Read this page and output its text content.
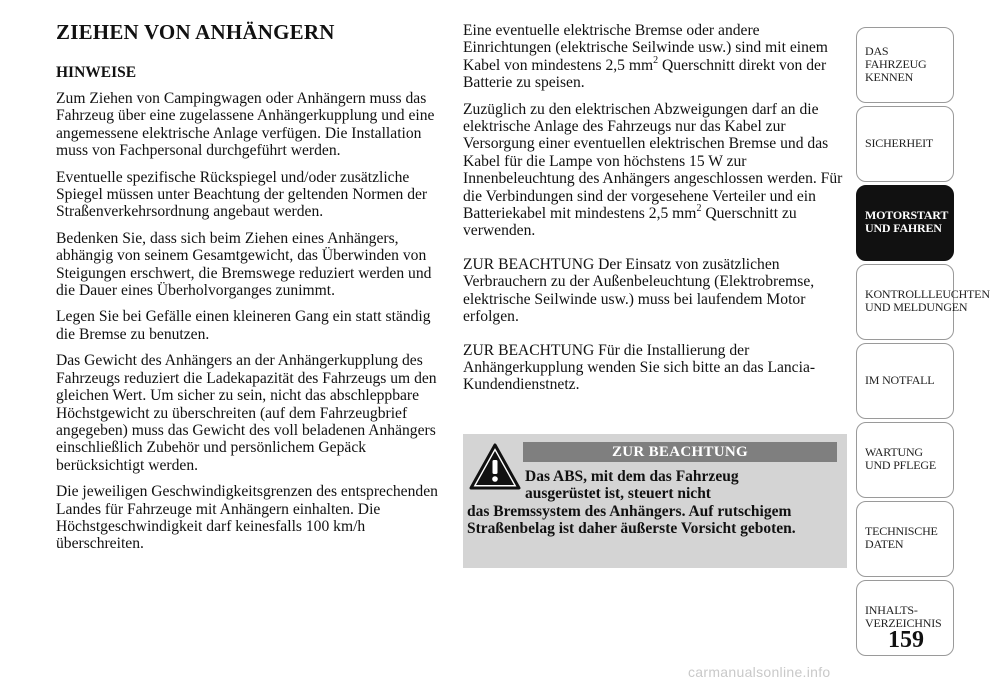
ZIEHEN VON ANHÄNGERN
HINWEISE

Zum Ziehen von Campingwagen oder Anhängern muss das Fahrzeug über eine zugelassene Anhängerkupplung und eine angemessene elektrische Anlage verfügen. Die Installation muss von Fachpersonal durchgeführt werden.

Eventuelle spezifische Rückspiegel und/oder zusätzliche Spiegel müssen unter Beachtung der geltenden Normen der Straßenverkehrsordnung angebaut werden.

Bedenken Sie, dass sich beim Ziehen eines Anhängers, abhängig von seinem Gesamtgewicht, das Überwinden von Steigungen erschwert, die Bremswege reduziert werden und die Dauer eines Überholvorganges zunimmt.

Legen Sie bei Gefälle einen kleineren Gang ein statt ständig die Bremse zu benutzen.

Das Gewicht des Anhängers an der Anhängerkupplung des Fahrzeugs reduziert die Ladekapazität des Fahrzeugs um den gleichen Wert. Um sicher zu sein, nicht das abschleppbare Höchstgewicht zu überschreiten (auf dem Fahrzeugbrief angegeben) muss das Gewicht des voll beladenen Anhängers einschließlich Zubehör und persönlichem Gepäck berücksichtigt werden.

Die jeweiligen Geschwindigkeitsgrenzen des entsprechenden Landes für Fahrzeuge mit Anhängern einhalten. Die Höchstgeschwindigkeit darf keinesfalls 100 km/h überschreiten.

Eine eventuelle elektrische Bremse oder andere Einrichtungen (elektrische Seilwinde usw.) sind mit einem Kabel von mindestens 2,5 $mm^2$ Querschnitt direkt von der Batterie zu speisen.

Zuzüglich zu den elektrischen Abzweigungen darf an die elektrische Anlage des Fahrzeugs nur das Kabel zur Versorgung einer eventuellen elektrischen Bremse und das Kabel für die Lampe von höchstens 15 W zur Innenbeleuchtung des Anhängers angeschlossen werden. Für die Verbindungen sind der vorgesehene Verteiler und ein Batteriekabel mit mindestens 2,5 $mm^2$ Querschnitt zu verwenden.

ZUR BEACHTUNG Der Einsatz von zusätzlichen Verbrauchern zu der Außenbeleuchtung (Elektrobremse, elektrische Seilwinde usw.) muss bei laufendem Motor erfolgen.

ZUR BEACHTUNG Für die Installierung der Anhängerkupplung wenden Sie sich bitte an das Lancia-Kundendienstnetz.

ZUR BEACHTUNG
Das ABS, mit dem das Fahrzeug
ausgerüstet ist, steuert nicht
das Bremssystem des Anhängers. Auf rutschigem Straßenbelag ist daher äußerste Vorsicht geboten.
DAS FAHRZEUG KENNEN
SICHERHEIT
MOTORSTART UND FAHREN
KONTROLLLEUCHTEN UND MELDUNGEN
IM NOTFALL
WARTUNG UND PFLEGE
TECHNISCHE DATEN
INHALTS-VERZEICHNIS
159
carmanualsonline.info
